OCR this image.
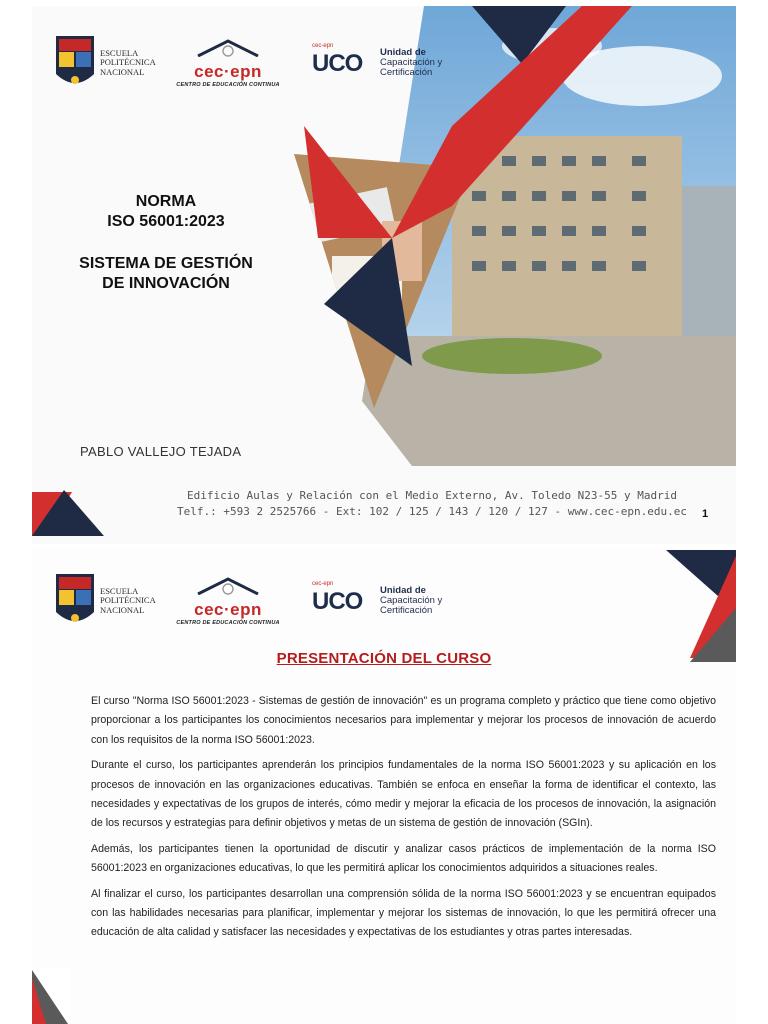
ESCUELA
POLITÉCNICA
NACIONAL	cec·epn
CENTRO DE EDUCACIÓN CONTINUA
cec-epn
UCO Unidad de
Capacitación y
Certificación
NORMA
ISO 56001:2023
SISTEMA DE GESTIÓN
DE INNOVACIÓN
PABLO VALLEJO TEJADA
Edificio Aulas y Relación con el Medio Externo, Av. Toledo N23-55 y Madrid
Telf.: +593 2 2525766 - Ext: 102 / 125 / 143 / 120 / 127 - www.cec-epn.edu.ec	1
ESCUELA
POLITÉCNICA
NACIONAL	cec·epn
CENTRO DE EDUCACIÓN CONTINUA
cec-epn
UCO Unidad de
Capacitación y
Certificación
PRESENTACIÓN DEL CURSO

El curso "Norma ISO 56001:2023 - Sistemas de gestión de innovación" es un programa completo y práctico que tiene como objetivo proporcionar a los participantes los conocimientos necesarios para implementar y mejorar los procesos de innovación de acuerdo con los requisitos de la norma ISO 56001:2023.

Durante el curso, los participantes aprenderán los principios fundamentales de la norma ISO 56001:2023 y su aplicación en los procesos de innovación en las organizaciones educativas. También se enfoca en enseñar la forma de identificar el contexto, las necesidades y expectativas de los grupos de interés, cómo medir y mejorar la eficacia de los procesos de innovación, la asignación de los recursos y estrategias para definir objetivos y metas de un sistema de gestión de innovación (SGIn).

Además, los participantes tienen la oportunidad de discutir y analizar casos prácticos de implementación de la norma ISO 56001:2023 en organizaciones educativas, lo que les permitirá aplicar los conocimientos adquiridos a situaciones reales.

Al finalizar el curso, los participantes desarrollan una comprensión sólida de la norma ISO 56001:2023 y se encuentran equipados con las habilidades necesarias para planificar, implementar y mejorar los sistemas de innovación, lo que les permitirá ofrecer una educación de alta calidad y satisfacer las necesidades y expectativas de los estudiantes y otras partes interesadas.
